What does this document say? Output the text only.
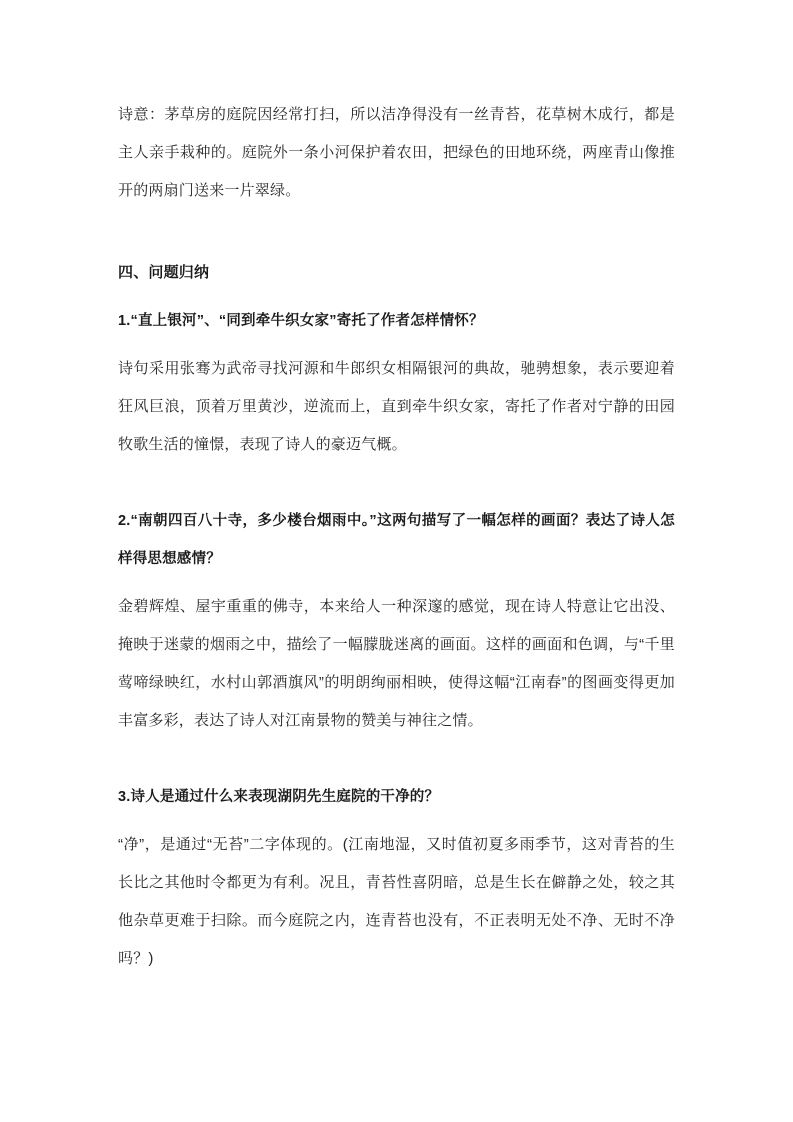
诗意：茅草房的庭院因经常打扫，所以洁净得没有一丝青苔，花草树木成行，都是主人亲手栽种的。庭院外一条小河保护着农田，把绿色的田地环绕，两座青山像推开的两扇门送来一片翠绿。

四、问题归纳

1.“直上银河”、“同到牵牛织女家”寄托了作者怎样情怀？

诗句采用张骞为武帝寻找河源和牛郎织女相隔银河的典故，驰骋想象，表示要迎着狂风巨浪，顶着万里黄沙，逆流而上，直到牵牛织女家，寄托了作者对宁静的田园牧歌生活的憧憬，表现了诗人的豪迈气概。

2.“南朝四百八十寺，多少楼台烟雨中。”这两句描写了一幅怎样的画面？表达了诗人怎样得思想感情？

金碧辉煌、屋宇重重的佛寺，本来给人一种深邃的感觉，现在诗人特意让它出没、掩映于迷蒙的烟雨之中，描绘了一幅朦胧迷离的画面。这样的画面和色调，与“千里莺啼绿映红，水村山郭酒旗风”的明朗绚丽相映，使得这幅“江南春”的图画变得更加丰富多彩，表达了诗人对江南景物的赞美与神往之情。

3.诗人是通过什么来表现湖阴先生庭院的干净的？

“净”，是通过“无苔”二字体现的。(江南地湿，又时值初夏多雨季节，这对青苔的生长比之其他时令都更为有利。况且，青苔性喜阴暗，总是生长在僻静之处，较之其他杂草更难于扫除。而今庭院之内，连青苔也没有，不正表明无处不净、无时不净吗？)
